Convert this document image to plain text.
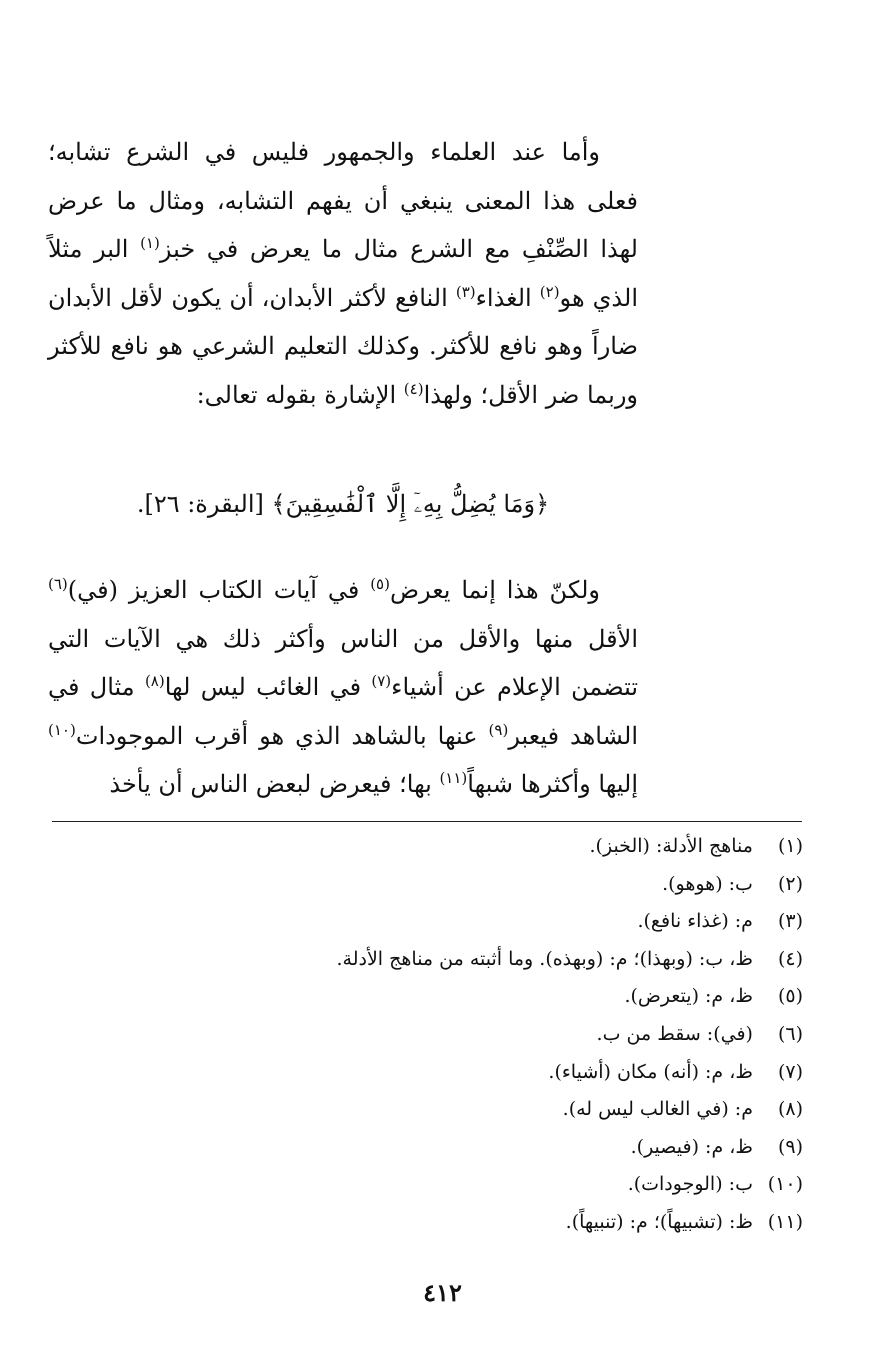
وأما عند العلماء والجمهور فليس في الشرع تشابه؛ فعلى هذا المعنى ينبغي أن يفهم التشابه، ومثال ما عرض لهذا الصِّنْفِ مع الشرع مثال ما يعرض في خبز$^{(١)}$ البر مثلاً الذي هو$^{(٢)}$ الغذاء$^{(٣)}$ النافع لأكثر الأبدان، أن يكون لأقل الأبدان ضاراً وهو نافع للأكثر. وكذلك التعليم الشرعي هو نافع للأكثر وربما ضر الأقل؛ ولهذا$^{(٤)}$ الإشارة بقوله تعالى:

﴿وَمَا يُضِلُّ بِهِۦٓ إِلَّا ٱلْفَٰسِقِينَ﴾ [البقرة: ٢٦].

ولكنّ هذا إنما يعرض$^{(٥)}$ في آيات الكتاب العزيز (في)$^{(٦)}$ الأقل منها والأقل من الناس وأكثر ذلك هي الآيات التي تتضمن الإعلام عن أشياء$^{(٧)}$ في الغائب ليس لها$^{(٨)}$ مثال في الشاهد فيعبر$^{(٩)}$ عنها بالشاهد الذي هو أقرب الموجودات$^{(١٠)}$ إليها وأكثرها شبهاً$^{(١١)}$ بها؛ فيعرض لبعض الناس أن يأخذ

(١) مناهج الأدلة: (الخبز).
(٢) ب: (هوهو).
(٣) م: (غذاء نافع).
(٤) ظ، ب: (وبهذا)؛ م: (وبهذه). وما أثبته من مناهج الأدلة.
(٥) ظ، م: (يتعرض).
(٦) (في): سقط من ب.
(٧) ظ، م: (أنه) مكان (أشياء).
(٨) م: (في الغالب ليس له).
(٩) ظ، م: (فيصير).
(١٠) ب: (الوجودات).
(١١) ظ: (تشبيهاً)؛ م: (تنبيهاً).
٤١٢
